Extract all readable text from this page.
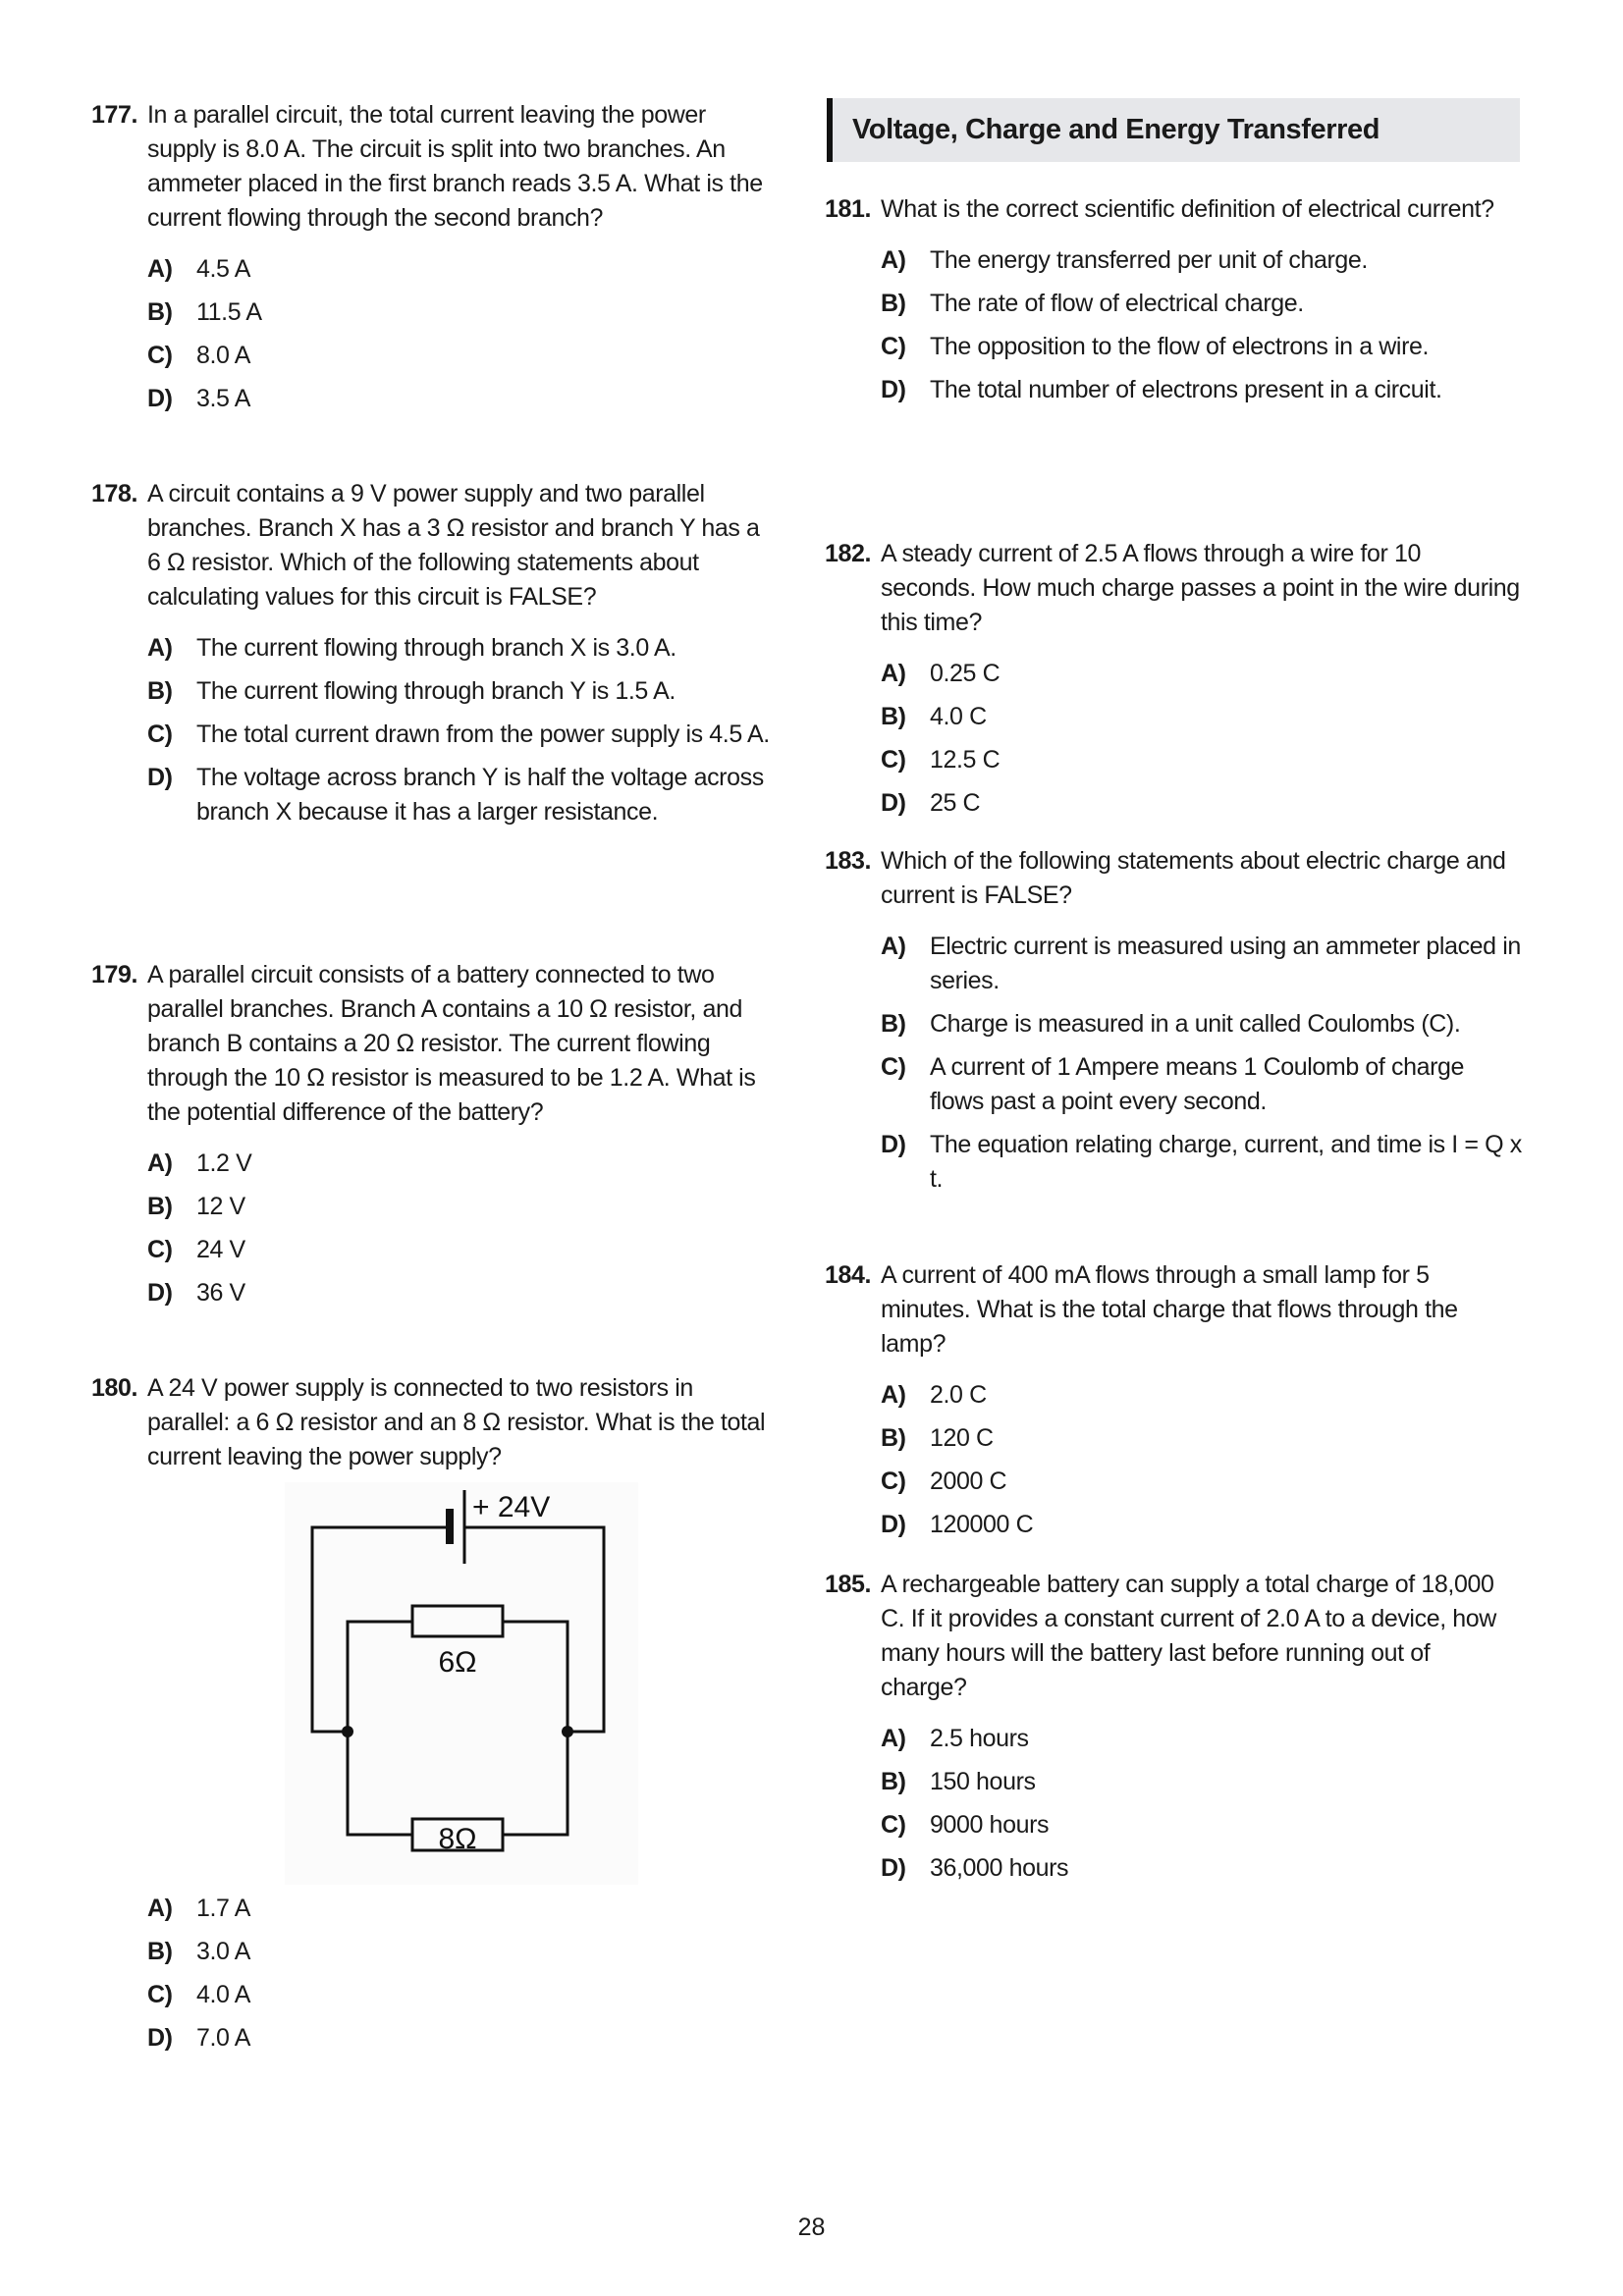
Voltage, Charge and Energy Transferred
177. In a parallel circuit, the total current leaving the power supply is 8.0 A. The circuit is split into two branches. An ammeter placed in the first branch reads 3.5 A. What is the current flowing through the second branch?
A) 4.5 A
B) 11.5 A
C) 8.0 A
D) 3.5 A
178. A circuit contains a 9 V power supply and two parallel branches. Branch X has a 3 Ω resistor and branch Y has a 6 Ω resistor. Which of the following statements about calculating values for this circuit is FALSE?
A) The current flowing through branch X is 3.0 A.
B) The current flowing through branch Y is 1.5 A.
C) The total current drawn from the power supply is 4.5 A.
D) The voltage across branch Y is half the voltage across branch X because it has a larger resistance.
179. A parallel circuit consists of a battery connected to two parallel branches. Branch A contains a 10 Ω resistor, and branch B contains a 20 Ω resistor. The current flowing through the 10 Ω resistor is measured to be 1.2 A. What is the potential difference of the battery?
A) 1.2 V
B) 12 V
C) 24 V
D) 36 V
A) 1.7 A
B) 3.0 A
C) 4.0 A
D) 7.0 A
180. A 24 V power supply is connected to two resistors in parallel: a 6 Ω resistor and an 8 Ω resistor. What is the total current leaving the power supply?
181. What is the correct scientific definition of electrical current?
A) The energy transferred per unit of charge.
B) The rate of flow of electrical charge.
C) The opposition to the flow of electrons in a wire.
D) The total number of electrons present in a circuit.
182. A steady current of 2.5 A flows through a wire for 10 seconds. How much charge passes a point in the wire during this time?
A) 0.25 C
B) 4.0 C
C) 12.5 C
D) 25 C
183. Which of the following statements about electric charge and current is FALSE?
A) Electric current is measured using an ammeter placed in series.
B) Charge is measured in a unit called Coulombs (C).
C) A current of 1 Ampere means 1 Coulomb of charge flows past a point every second.
D) The equation relating charge, current, and time is I = Q x t.
184. A current of 400 mA flows through a small lamp for 5 minutes. What is the total charge that flows through the lamp?
A) 2.0 C
B) 120 C
C) 2000 C
D) 120000 C
185. A rechargeable battery can supply a total charge of 18,000 C. If it provides a constant current of 2.0 A to a device, how many hours will the battery last before running out of charge?
A) 2.5 hours
B) 150 hours
C) 9000 hours
D) 36,000 hours
+ 24V
6Ω
8Ω
28
